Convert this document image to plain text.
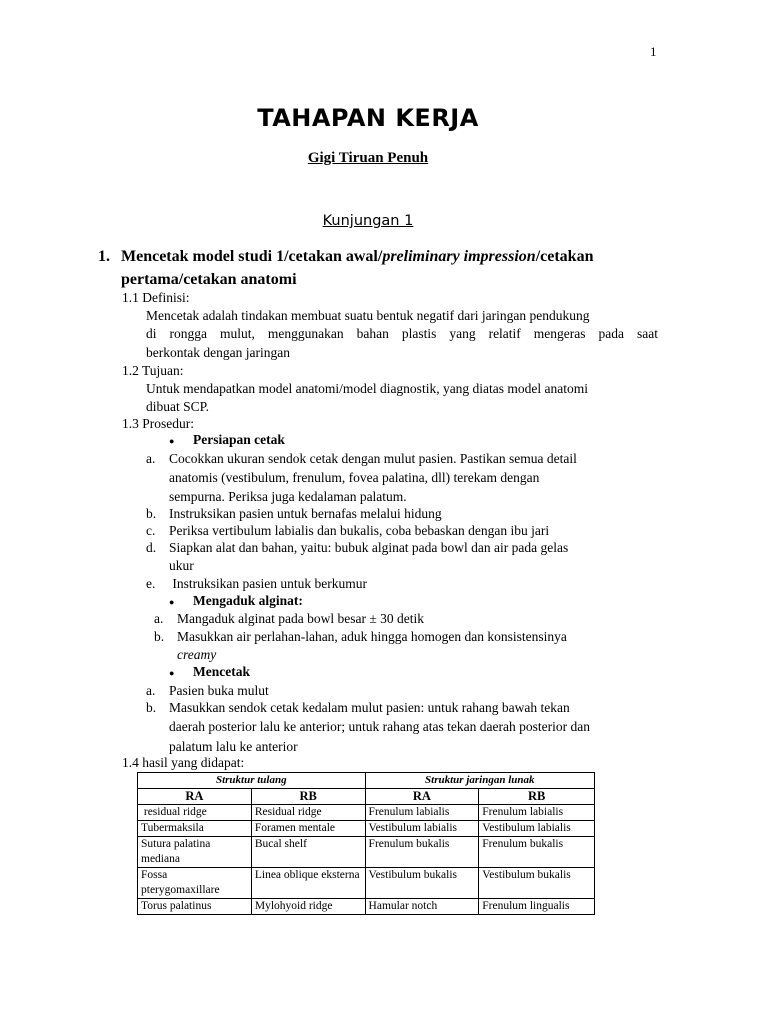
1
TAHAPAN KERJA
Gigi Tiruan Penuh
Kunjungan 1
1. Mencetak model studi 1/cetakan awal/preliminary impression/cetakan
pertama/cetakan anatomi
1.1 Definisi:
Mencetak adalah tindakan membuat suatu bentuk negatif dari jaringan pendukung
di rongga mulut, menggunakan bahan plastis yang relatif mengeras pada saat
berkontak dengan jaringan
1.2 Tujuan:
Untuk mendapatkan model anatomi/model diagnostik, yang diatas model anatomi
dibuat SCP.
1.3 Prosedur:
● Persiapan cetak
a. Cocokkan ukuran sendok cetak dengan mulut pasien. Pastikan semua detail
anatomis (vestibulum, frenulum, fovea palatina, dll) terekam dengan
sempurna. Periksa juga kedalaman palatum.
b. Instruksikan pasien untuk bernafas melalui hidung
c. Periksa vertibulum labialis dan bukalis, coba bebaskan dengan ibu jari
d. Siapkan alat dan bahan, yaitu: bubuk alginat pada bowl dan air pada gelas
ukur
e. Instruksikan pasien untuk berkumur
● Mengaduk alginat:
a. Mangaduk alginat pada bowl besar ± 30 detik
b. Masukkan air perlahan-lahan, aduk hingga homogen dan konsistensinya
creamy
● Mencetak
a. Pasien buka mulut
b. Masukkan sendok cetak kedalam mulut pasien: untuk rahang bawah tekan
daerah posterior lalu ke anterior; untuk rahang atas tekan daerah posterior dan
palatum lalu ke anterior
1.4 hasil yang didapat:
Struktur tulang		Struktur jaringan lunak	
RA	RB	RA	RB
residual ridge	Residual ridge	Frenulum labialis	Frenulum labialis
Tubermaksila	Foramen mentale	Vestibulum labialis	Vestibulum labialis
Sutura palatina mediana	Bucal shelf	Frenulum bukalis	Frenulum bukalis
Fossa pterygomaxillare	Linea oblique eksterna	Vestibulum bukalis	Vestibulum bukalis
Torus palatinus	Mylohyoid ridge	Hamular notch	Frenulum lingualis
